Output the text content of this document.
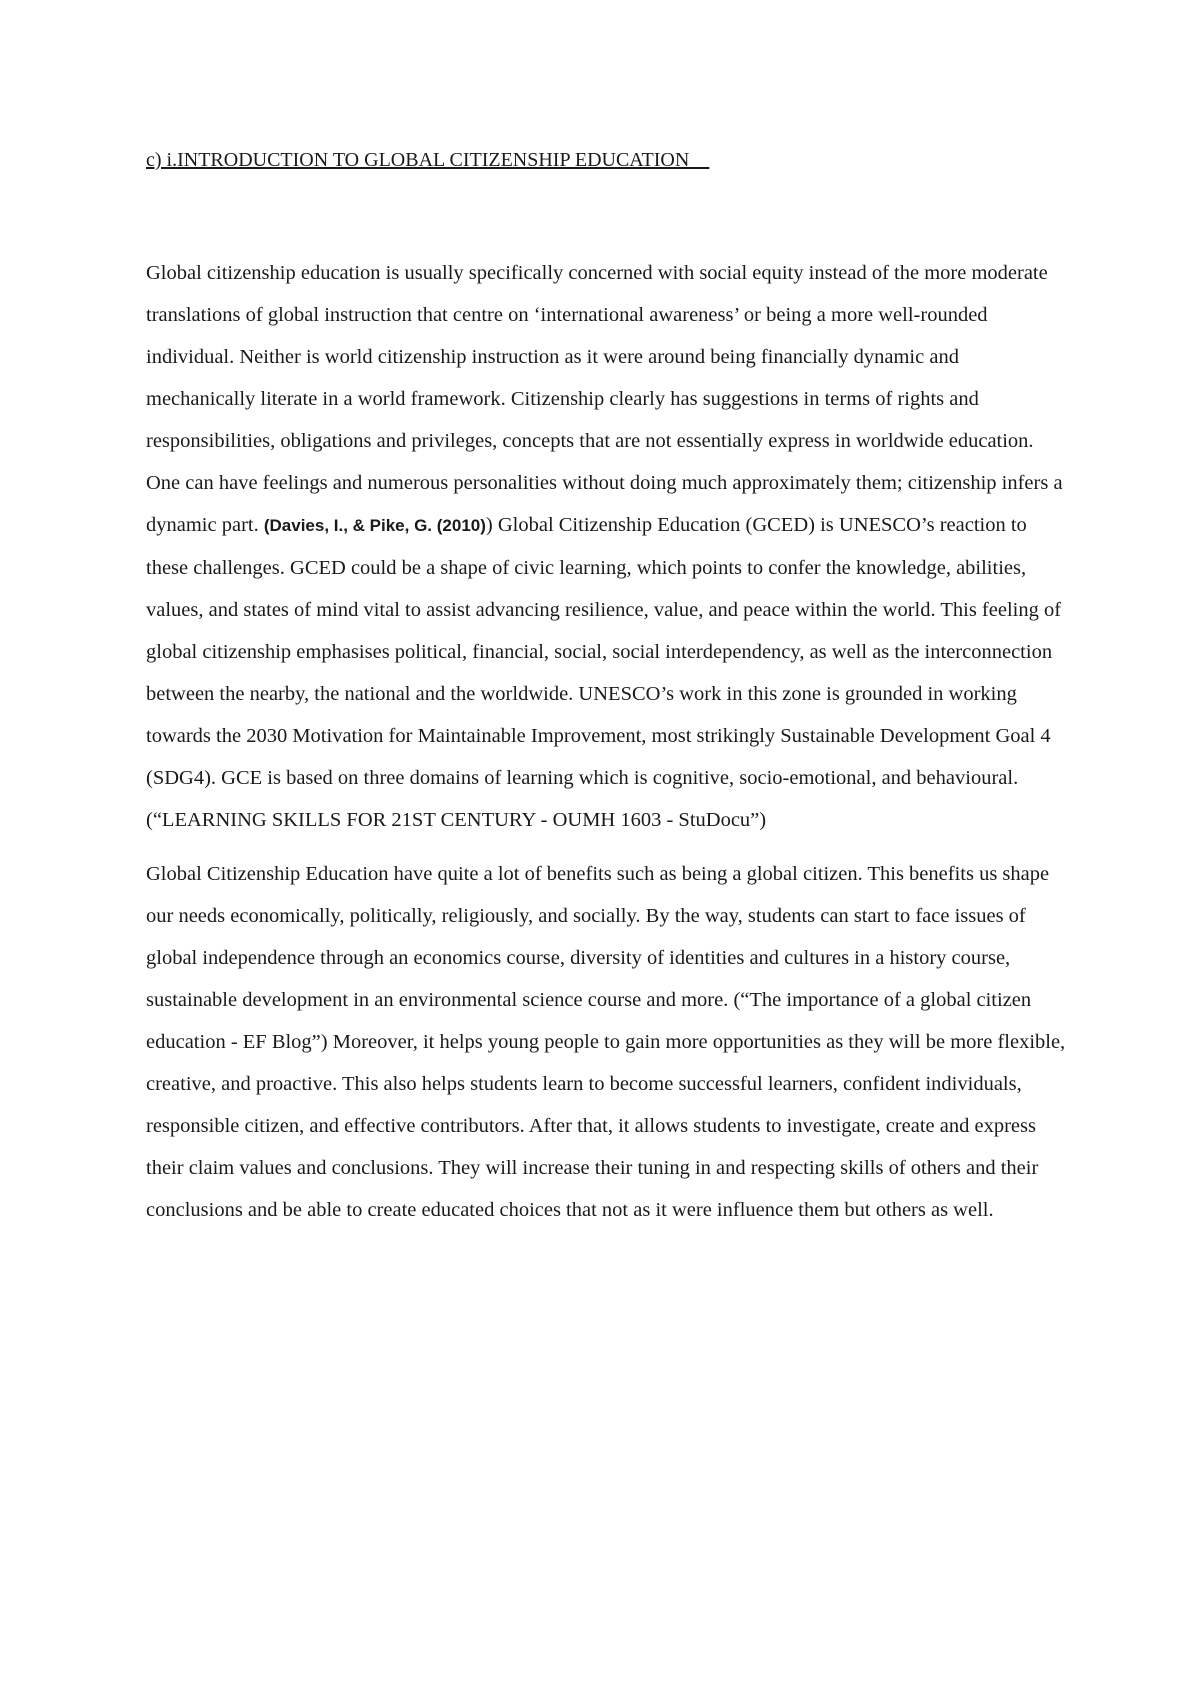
c) i.INTRODUCTION TO GLOBAL CITIZENSHIP EDUCATION

Global citizenship education is usually specifically concerned with social equity instead of the more moderate translations of global instruction that centre on ‘international awareness’ or being a more well-rounded individual. Neither is world citizenship instruction as it were around being financially dynamic and mechanically literate in a world framework. Citizenship clearly has suggestions in terms of rights and responsibilities, obligations and privileges, concepts that are not essentially express in worldwide education. One can have feelings and numerous personalities without doing much approximately them; citizenship infers a dynamic part. (Davies, I., & Pike, G. (2010)) Global Citizenship Education (GCED) is UNESCO’s reaction to these challenges. GCED could be a shape of civic learning, which points to confer the knowledge, abilities, values, and states of mind vital to assist advancing resilience, value, and peace within the world. This feeling of global citizenship emphasises political, financial, social, social interdependency, as well as the interconnection between the nearby, the national and the worldwide. UNESCO’s work in this zone is grounded in working towards the 2030 Motivation for Maintainable Improvement, most strikingly Sustainable Development Goal 4 (SDG4). GCE is based on three domains of learning which is cognitive, socio-emotional, and behavioural. (“LEARNING SKILLS FOR 21ST CENTURY - OUMH 1603 - StuDocu”)

Global Citizenship Education have quite a lot of benefits such as being a global citizen. This benefits us shape our needs economically, politically, religiously, and socially. By the way, students can start to face issues of global independence through an economics course, diversity of identities and cultures in a history course, sustainable development in an environmental science course and more. (“The importance of a global citizen education - EF Blog”) Moreover, it helps young people to gain more opportunities as they will be more flexible, creative, and proactive. This also helps students learn to become successful learners, confident individuals, responsible citizen, and effective contributors. After that, it allows students to investigate, create and express their claim values and conclusions. They will increase their tuning in and respecting skills of others and their conclusions and be able to create educated choices that not as it were influence them but others as well.
